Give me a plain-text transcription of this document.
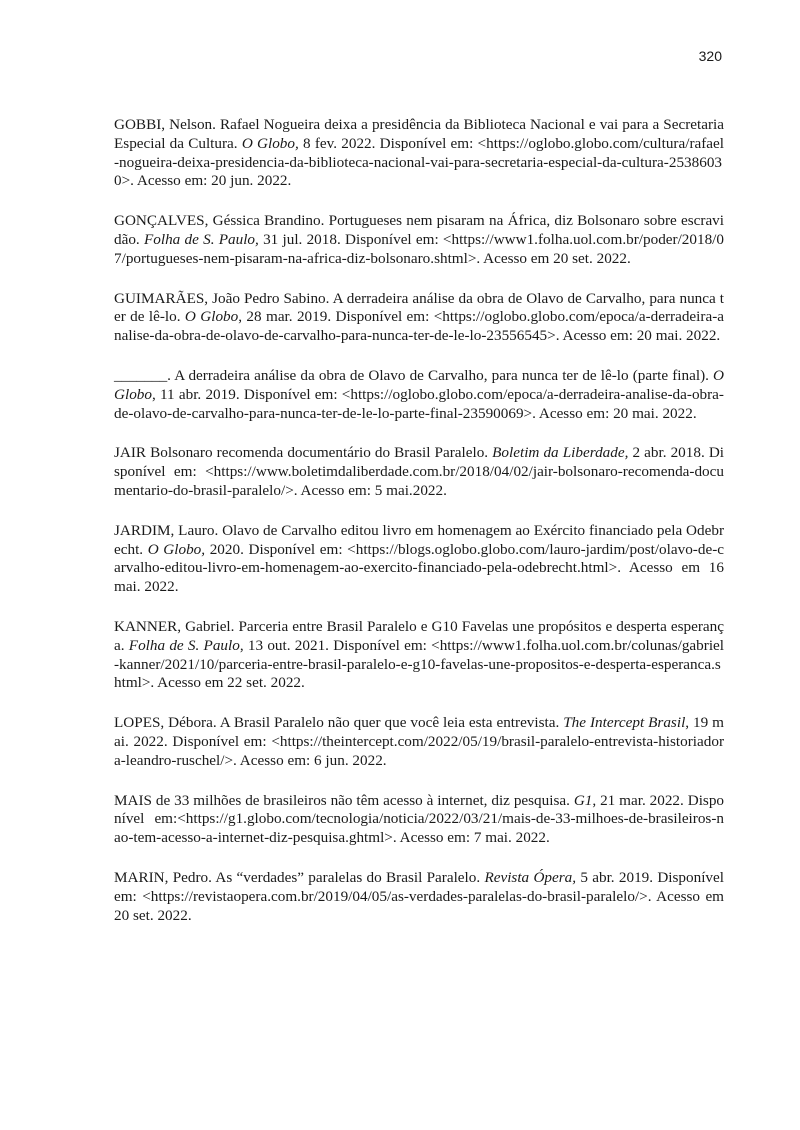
320

GOBBI, Nelson. Rafael Nogueira deixa a presidência da Biblioteca Nacional e vai para a Secretaria Especial da Cultura. O Globo, 8 fev. 2022. Disponível em: <https://oglobo.globo.com/cultura/rafael-nogueira-deixa-presidencia-da-biblioteca-nacional-vai-para-secretaria-especial-da-cultura-25386030>. Acesso em: 20 jun. 2022.

GONÇALVES, Géssica Brandino. Portugueses nem pisaram na África, diz Bolsonaro sobre escravidão. Folha de S. Paulo, 31 jul. 2018. Disponível em: <https://www1.folha.uol.com.br/poder/2018/07/portugueses-nem-pisaram-na-africa-diz-bolsonaro.shtml>. Acesso em 20 set. 2022.

GUIMARÃES, João Pedro Sabino. A derradeira análise da obra de Olavo de Carvalho, para nunca ter de lê-lo. O Globo, 28 mar. 2019. Disponível em: <https://oglobo.globo.com/epoca/a-derradeira-analise-da-obra-de-olavo-de-carvalho-para-nunca-ter-de-le-lo-23556545>. Acesso em: 20 mai. 2022.

_______. A derradeira análise da obra de Olavo de Carvalho, para nunca ter de lê-lo (parte final). O Globo, 11 abr. 2019. Disponível em: <https://oglobo.globo.com/epoca/a-derradeira-analise-da-obra-de-olavo-de-carvalho-para-nunca-ter-de-le-lo-parte-final-23590069>. Acesso em: 20 mai. 2022.

JAIR Bolsonaro recomenda documentário do Brasil Paralelo. Boletim da Liberdade, 2 abr. 2018. Disponível em: <https://www.boletimdaliberdade.com.br/2018/04/02/jair-bolsonaro-recomenda-documentario-do-brasil-paralelo/>. Acesso em: 5 mai.2022.

JARDIM, Lauro. Olavo de Carvalho editou livro em homenagem ao Exército financiado pela Odebrecht. O Globo, 2020. Disponível em: <https://blogs.oglobo.globo.com/lauro-jardim/post/olavo-de-carvalho-editou-livro-em-homenagem-ao-exercito-financiado-pela-odebrecht.html>. Acesso em 16 mai. 2022.

KANNER, Gabriel. Parceria entre Brasil Paralelo e G10 Favelas une propósitos e desperta esperança. Folha de S. Paulo, 13 out. 2021. Disponível em: <https://www1.folha.uol.com.br/colunas/gabriel-kanner/2021/10/parceria-entre-brasil-paralelo-e-g10-favelas-une-propositos-e-desperta-esperanca.shtml>. Acesso em 22 set. 2022.

LOPES, Débora. A Brasil Paralelo não quer que você leia esta entrevista. The Intercept Brasil, 19 mai. 2022. Disponível em: <https://theintercept.com/2022/05/19/brasil-paralelo-entrevista-historiadora-leandro-ruschel/>. Acesso em: 6 jun. 2022.

MAIS de 33 milhões de brasileiros não têm acesso à internet, diz pesquisa. G1, 21 mar. 2022. Disponível em:<https://g1.globo.com/tecnologia/noticia/2022/03/21/mais-de-33-milhoes-de-brasileiros-nao-tem-acesso-a-internet-diz-pesquisa.ghtml>. Acesso em: 7 mai. 2022.

MARIN, Pedro. As “verdades” paralelas do Brasil Paralelo. Revista Ópera, 5 abr. 2019. Disponível em: <https://revistaopera.com.br/2019/04/05/as-verdades-paralelas-do-brasil-paralelo/>. Acesso em 20 set. 2022.
